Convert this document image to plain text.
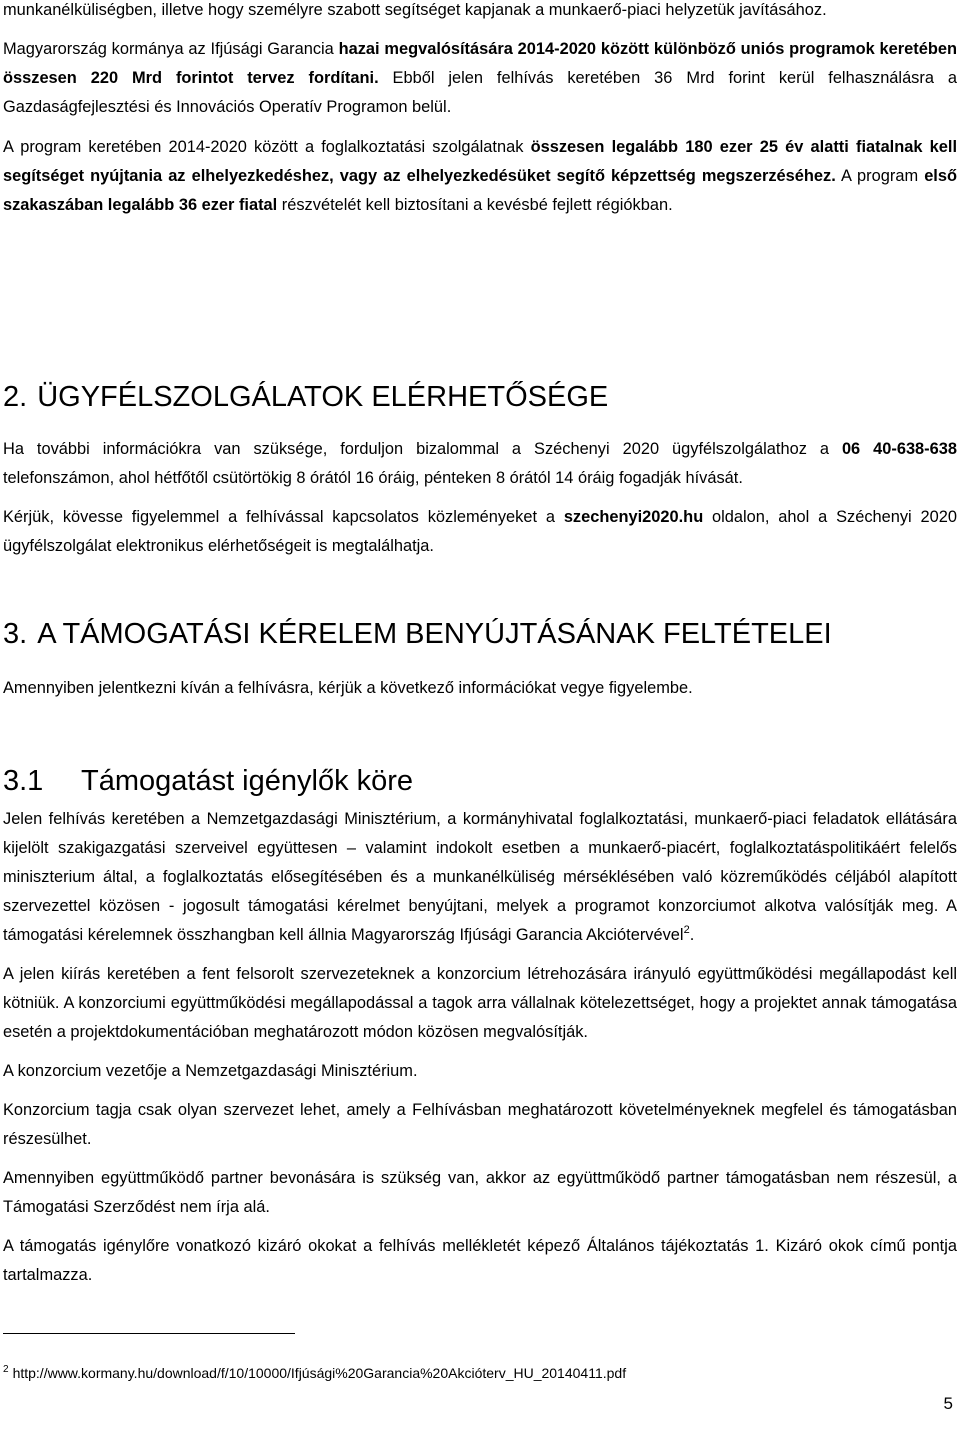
munkanélküliségben, illetve hogy személyre szabott segítséget kapjanak a munkaerő-piaci helyzetük javításához.

Magyarország kormánya az Ifjúsági Garancia hazai megvalósítására 2014-2020 között különböző uniós programok keretében összesen 220 Mrd forintot tervez fordítani. Ebből jelen felhívás keretében 36 Mrd forint kerül felhasználásra a Gazdaságfejlesztési és Innovációs Operatív Programon belül.

A program keretében 2014-2020 között a foglalkoztatási szolgálatnak összesen legalább 180 ezer 25 év alatti fiatalnak kell segítséget nyújtania az elhelyezkedéshez, vagy az elhelyezkedésüket segítő képzettség megszerzéséhez. A program első szakaszában legalább 36 ezer fiatal részvételét kell biztosítani a kevésbé fejlett régiókban.

2. ÜGYFÉLSZOLGÁLATOK ELÉRHETŐSÉGE

Ha további információkra van szüksége, forduljon bizalommal a Széchenyi 2020 ügyfélszolgálathoz a 06 40-638-638 telefonszámon, ahol hétfőtől csütörtökig 8 órától 16 óráig, pénteken 8 órától 14 óráig fogadják hívását.

Kérjük, kövesse figyelemmel a felhívással kapcsolatos közleményeket a szechenyi2020.hu oldalon, ahol a Széchenyi 2020 ügyfélszolgálat elektronikus elérhetőségeit is megtalálhatja.

3. A TÁMOGATÁSI KÉRELEM BENYÚJTÁSÁNAK FELTÉTELEI

Amennyiben jelentkezni kíván a felhívásra, kérjük a következő információkat vegye figyelembe.

3.1 Támogatást igénylők köre

Jelen felhívás keretében a Nemzetgazdasági Minisztérium, a kormányhivatal foglalkoztatási, munkaerő-piaci feladatok ellátására kijelölt szakigazgatási szerveivel együttesen – valamint indokolt esetben a munkaerő-piacért, foglalkoztatáspolitikáért felelős miniszterium által, a foglalkoztatás elősegítésében és a munkanélküliség mérséklésében való közreműködés céljából alapított szervezettel közösen - jogosult támogatási kérelmet benyújtani, melyek a programot konzorciumot alkotva valósítják meg. A támogatási kérelemnek összhangban kell állnia Magyarország Ifjúsági Garancia Akciótervével$^2$.

A jelen kiírás keretében a fent felsorolt szervezeteknek a konzorcium létrehozására irányuló együttműködési megállapodást kell kötniük. A konzorciumi együttműködési megállapodással a tagok arra vállalnak kötelezettséget, hogy a projektet annak támogatása esetén a projektdokumentációban meghatározott módon közösen megvalósítják.

A konzorcium vezetője a Nemzetgazdasági Minisztérium.

Konzorcium tagja csak olyan szervezet lehet, amely a Felhívásban meghatározott követelményeknek megfelel és támogatásban részesülhet.

Amennyiben együttműködő partner bevonására is szükség van, akkor az együttműködő partner támogatásban nem részesül, a Támogatási Szerződést nem írja alá.

A támogatás igénylőre vonatkozó kizáró okokat a felhívás mellékletét képező Általános tájékoztatás 1. Kizáró okok című pontja tartalmazza.

$^2$ http://www.kormany.hu/download/f/10/10000/Ifjúsági%20Garancia%20Akcióterv_HU_20140411.pdf
5
